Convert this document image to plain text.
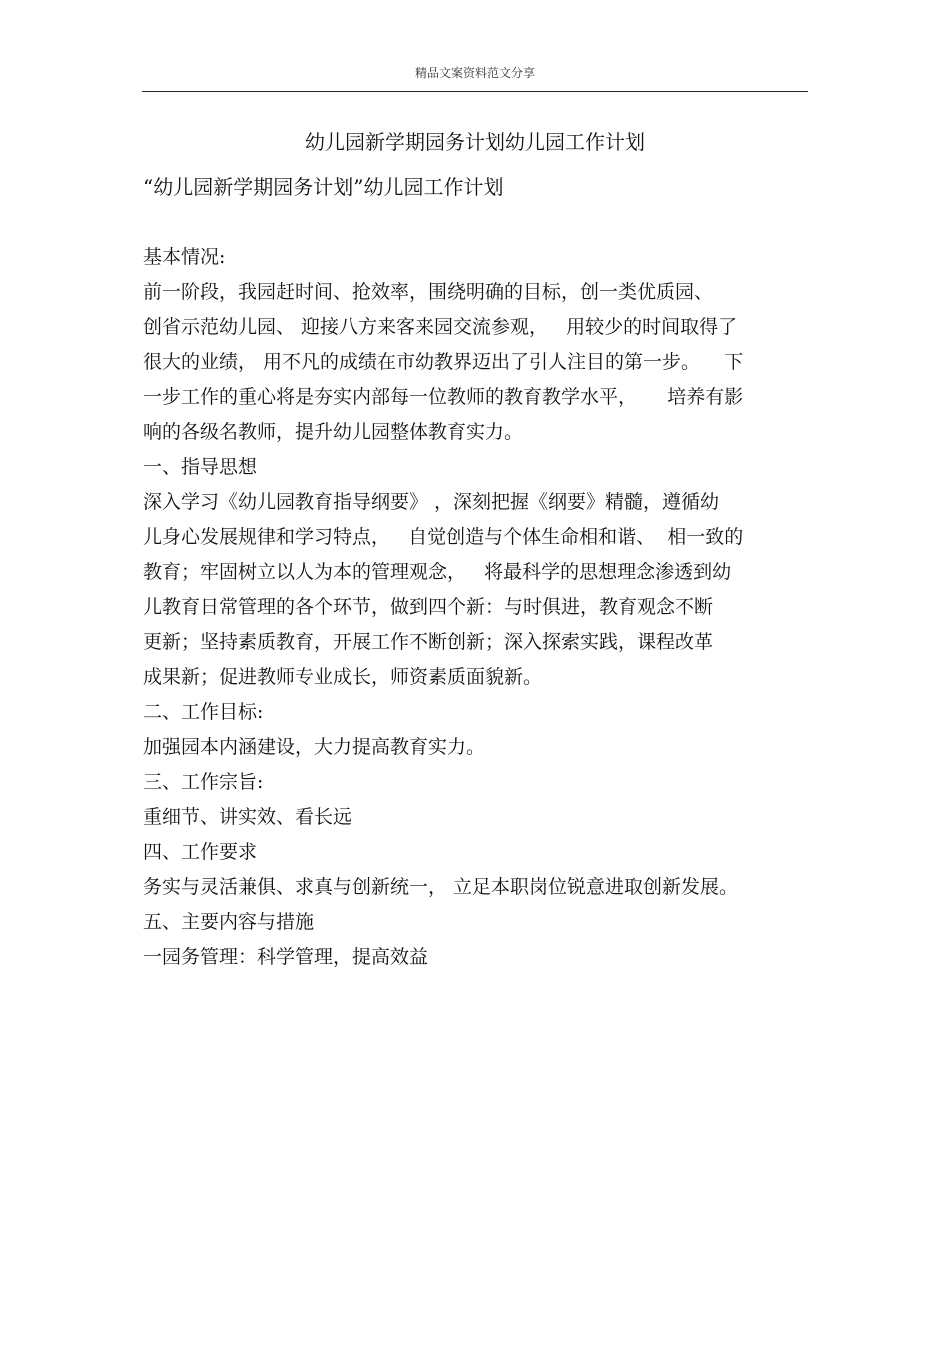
精品文案资料范文分享
幼儿园新学期园务计划幼儿园工作计划
“幼儿园新学期园务计划”幼儿园工作计划
基本情况:
前一阶段，我园赶时间、抢效率，围绕明确的目标，创一类优质园、
创省示范幼儿园、 迎接八方来客来园交流参观，   用较少的时间取得了
很大的业绩， 用不凡的成绩在市幼教界迈出了引人注目的第一步。    下
一步工作的重心将是夯实内部每一位教师的教育教学水平，     培养有影
响的各级名教师，提升幼儿园整体教育实力。
一、指导思想
深入学习《幼儿园教育指导纲要》 ，深刻把握《纲要》精髓，遵循幼
儿身心发展规律和学习特点，   自觉创造与个体生命相和谐、  相一致的
教育；牢固树立以人为本的管理观念，   将最科学的思想理念渗透到幼
儿教育日常管理的各个环节，做到四个新：与时俱进，教育观念不断
更新；坚持素质教育，开展工作不断创新；深入探索实践，课程改革
成果新；促进教师专业成长，师资素质面貌新。
二、工作目标:
加强园本内涵建设，大力提高教育实力。
三、工作宗旨:
重细节、讲实效、看长远
四、工作要求
务实与灵活兼俱、求真与创新统一， 立足本职岗位锐意进取创新发展。
五、主要内容与措施
一园务管理：科学管理，提高效益
